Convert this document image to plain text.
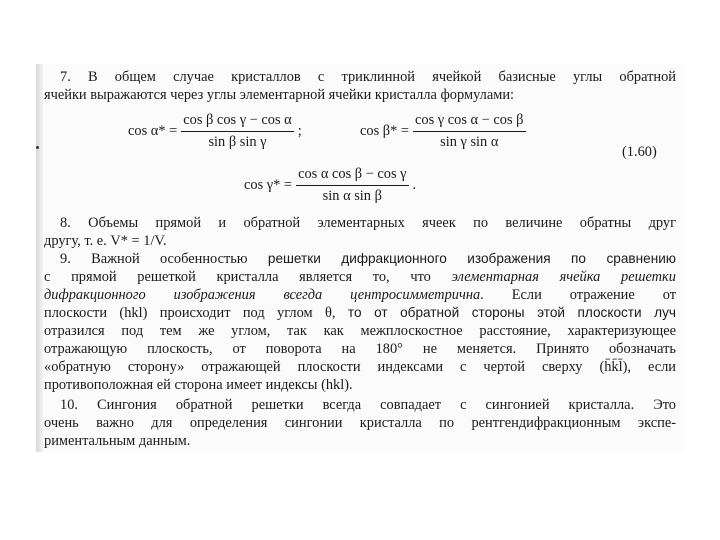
7. В общем случае кристаллов с триклинной ячейкой базисные углы обратной
ячейки выражаются через углы элементарной ячейки кристалла формулами:
$\cos \alpha* = \frac{\text{cos β cos γ − cos α}}{\text{sin β sin γ}}$ ;	$\cos \beta* = \frac{\text{cos γ cos α − cos β}}{\text{sin γ sin α}}$
(1.60)
$\cos \gamma* = \frac{\text{cos α cos β − cos γ}}{\text{sin α sin β}}$ .
8. Объемы прямой и обратной элементарных ячеек по величине обратны друг
другу, т. е. V* = 1/V.
9. Важной особенностью решетки дифракционного изображения по сравнению
с прямой решеткой кристалла является то, что элементарная ячейка решетки
дифракционного изображения всегда центросимметрична. Если отражение от
плоскости (hkl) происходит под углом θ, то от обратной стороны этой плоскости луч
отразился под тем же углом, так как межплоскостное расстояние, характеризующее
отражающую плоскость, от поворота на 180° не меняется. Принято обозначать
«обратную сторону» отражающей плоскости индексами с чертой сверху (h̄k̄l̄), если
противоположная ей сторона имеет индексы (hkl).
10. Сингония обратной решетки всегда совпадает с сингонией кристалла. Это
очень важно для определения сингонии кристалла по рентгендифракционным экспе-
риментальным данным.
